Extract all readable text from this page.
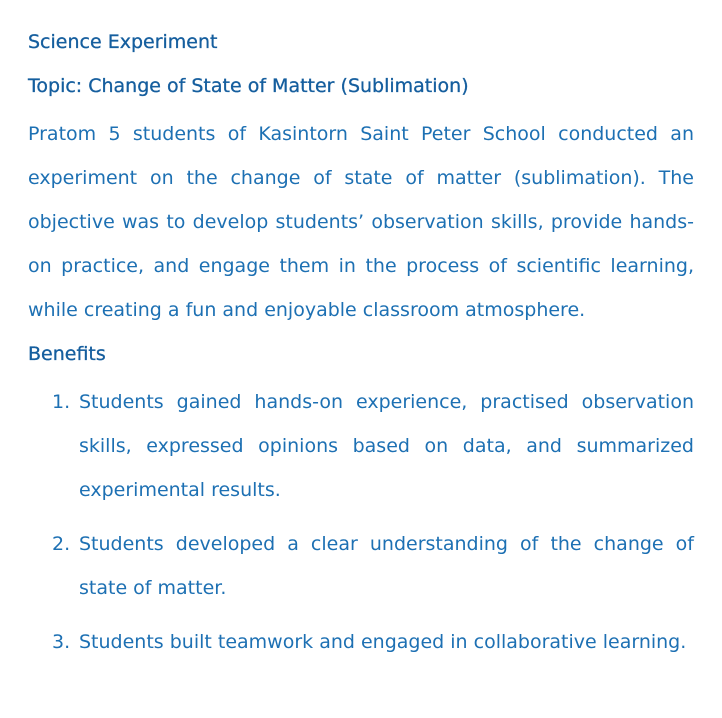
Science Experiment
Topic: Change of State of Matter (Sublimation)

Pratom 5 students of Kasintorn Saint Peter School conducted an experiment on the change of state of matter (sublimation). The objective was to develop students’ observation skills, provide hands-on practice, and engage them in the process of scientific learning, while creating a fun and enjoyable classroom atmosphere.

Benefits
1. Students gained hands-on experience, practised observation skills, expressed opinions based on data, and summarized experimental results.
2. Students developed a clear understanding of the change of state of matter.
3. Students built teamwork and engaged in collaborative learning.
